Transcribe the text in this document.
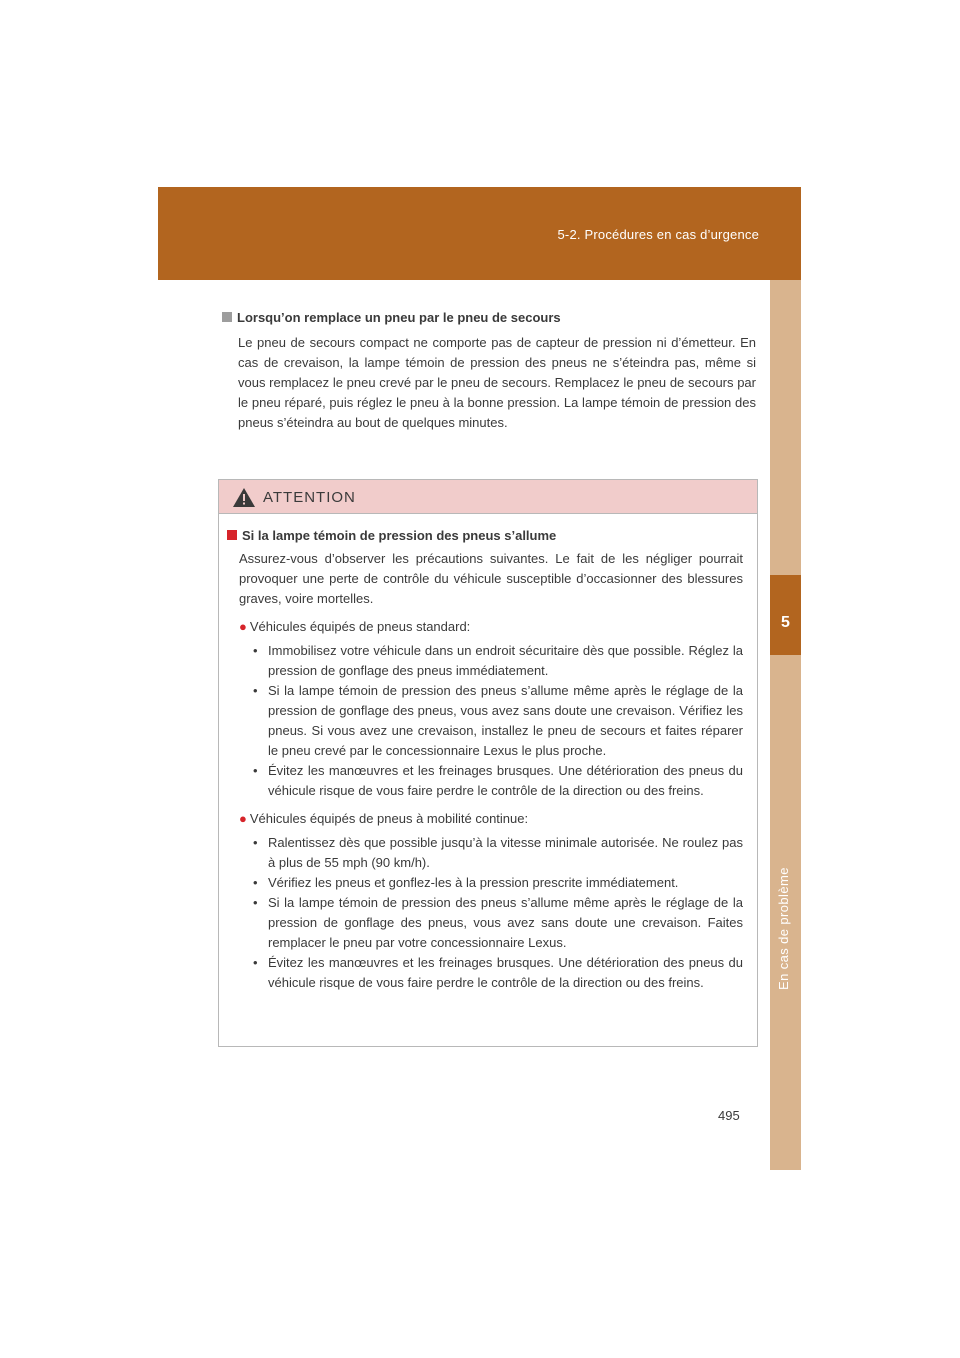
5-2. Procédures en cas d’urgence
5
En cas de problème
Lorsqu’on remplace un pneu par le pneu de secours
Le pneu de secours compact ne comporte pas de capteur de pression ni d’émetteur. En cas de crevaison, la lampe témoin de pression des pneus ne s’éteindra pas, même si vous remplacez le pneu crevé par le pneu de secours. Remplacez le pneu de secours par le pneu réparé, puis réglez le pneu à la bonne pression. La lampe témoin de pression des pneus s’éteindra au bout de quelques minutes.
ATTENTION
Si la lampe témoin de pression des pneus s’allume
Assurez-vous d’observer les précautions suivantes. Le fait de les négliger pourrait provoquer une perte de contrôle du véhicule susceptible d’occasionner des blessures graves, voire mortelles.
● Véhicules équipés de pneus standard:
• Immobilisez votre véhicule dans un endroit sécuritaire dès que possible. Réglez la pression de gonflage des pneus immédiatement.
• Si la lampe témoin de pression des pneus s’allume même après le réglage de la pression de gonflage des pneus, vous avez sans doute une crevaison. Vérifiez les pneus. Si vous avez une crevaison, installez le pneu de secours et faites réparer le pneu crevé par le concessionnaire Lexus le plus proche.
• Évitez les manœuvres et les freinages brusques. Une détérioration des pneus du véhicule risque de vous faire perdre le contrôle de la direction ou des freins.
● Véhicules équipés de pneus à mobilité continue:
• Ralentissez dès que possible jusqu’à la vitesse minimale autorisée. Ne roulez pas à plus de 55 mph (90 km/h).
• Vérifiez les pneus et gonflez-les à la pression prescrite immédiatement.
• Si la lampe témoin de pression des pneus s’allume même après le réglage de la pression de gonflage des pneus, vous avez sans doute une crevaison. Faites remplacer le pneu par votre concessionnaire Lexus.
• Évitez les manœuvres et les freinages brusques. Une détérioration des pneus du véhicule risque de vous faire perdre le contrôle de la direction ou des freins.
495
